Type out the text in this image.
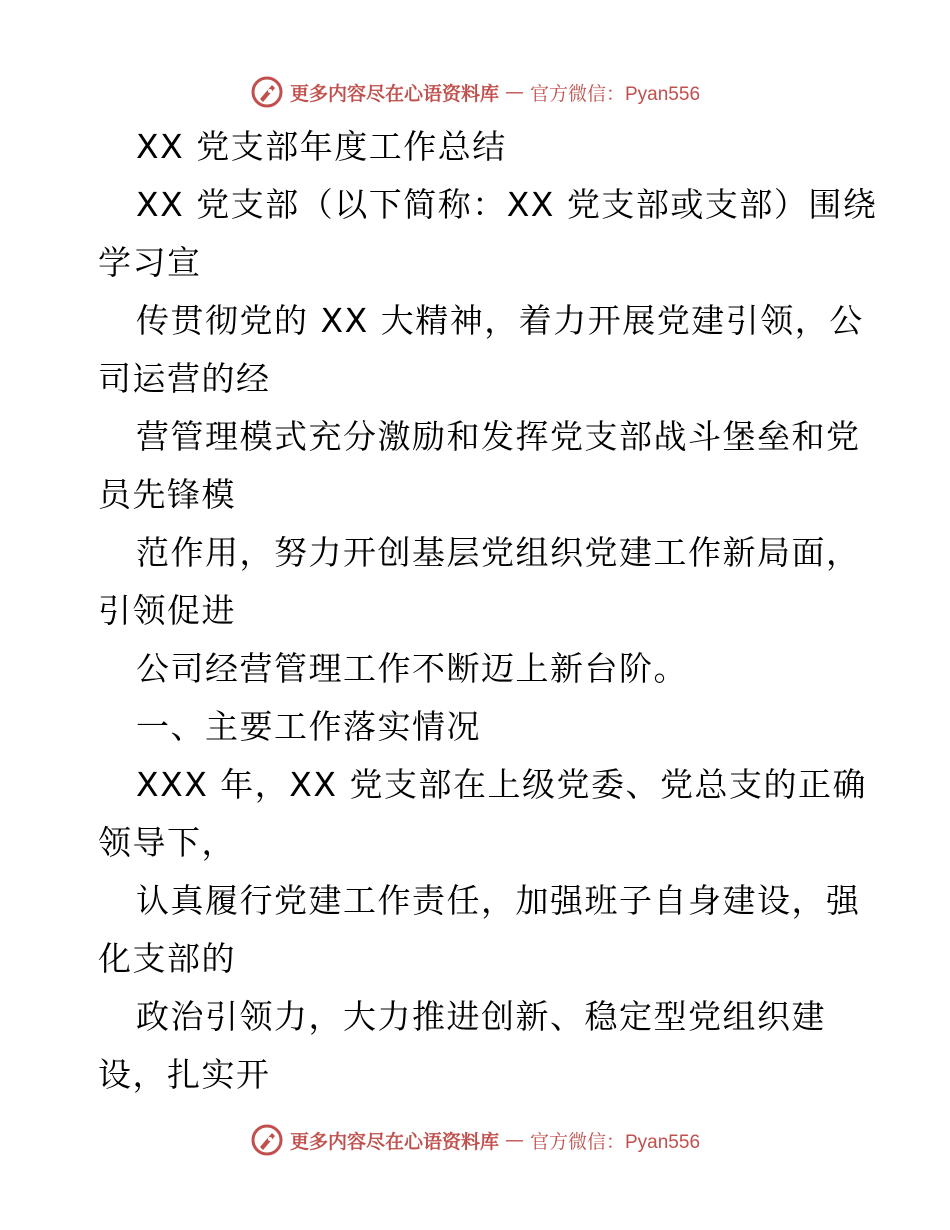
更多内容尽在心语资料库 — 官方微信：Pyan556
XX 党支部年度工作总结
XX 党支部（以下简称：XX 党支部或支部）围绕
学习宣
传贯彻党的 XX 大精神，着力开展党建引领，公
司运营的经
营管理模式充分激励和发挥党支部战斗堡垒和党
员先锋模
范作用，努力开创基层党组织党建工作新局面，
引领促进
公司经营管理工作不断迈上新台阶。
一、主要工作落实情况
XXX 年，XX 党支部在上级党委、党总支的正确
领导下，
认真履行党建工作责任，加强班子自身建设，强
化支部的
政治引领力，大力推进创新、稳定型党组织建
设，扎实开
更多内容尽在心语资料库 — 官方微信：Pyan556
